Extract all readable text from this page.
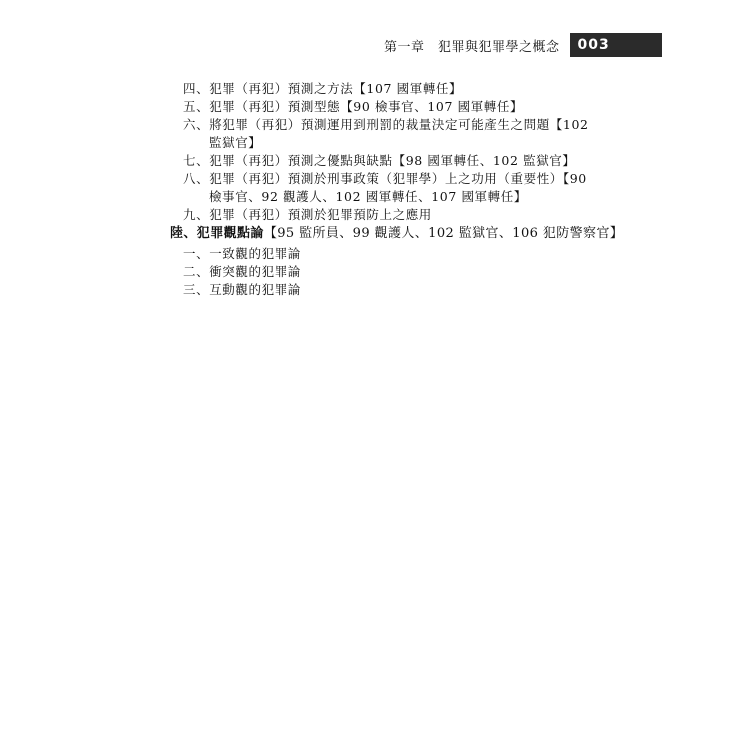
第一章　犯罪與犯罪學之概念	003
四、犯罪（再犯）預測之方法【107 國軍轉任】
五、犯罪（再犯）預測型態【90 檢事官、107 國軍轉任】
六、將犯罪（再犯）預測運用到刑罰的裁量決定可能產生之問題【102
監獄官】
七、犯罪（再犯）預測之優點與缺點【98 國軍轉任、102 監獄官】
八、犯罪（再犯）預測於刑事政策（犯罪學）上之功用（重要性）【90
檢事官、92 觀護人、102 國軍轉任、107 國軍轉任】
九、犯罪（再犯）預測於犯罪預防上之應用
陸、犯罪觀點論【95 監所員、99 觀護人、102 監獄官、106 犯防警察官】
一、一致觀的犯罪論
二、衝突觀的犯罪論
三、互動觀的犯罪論
